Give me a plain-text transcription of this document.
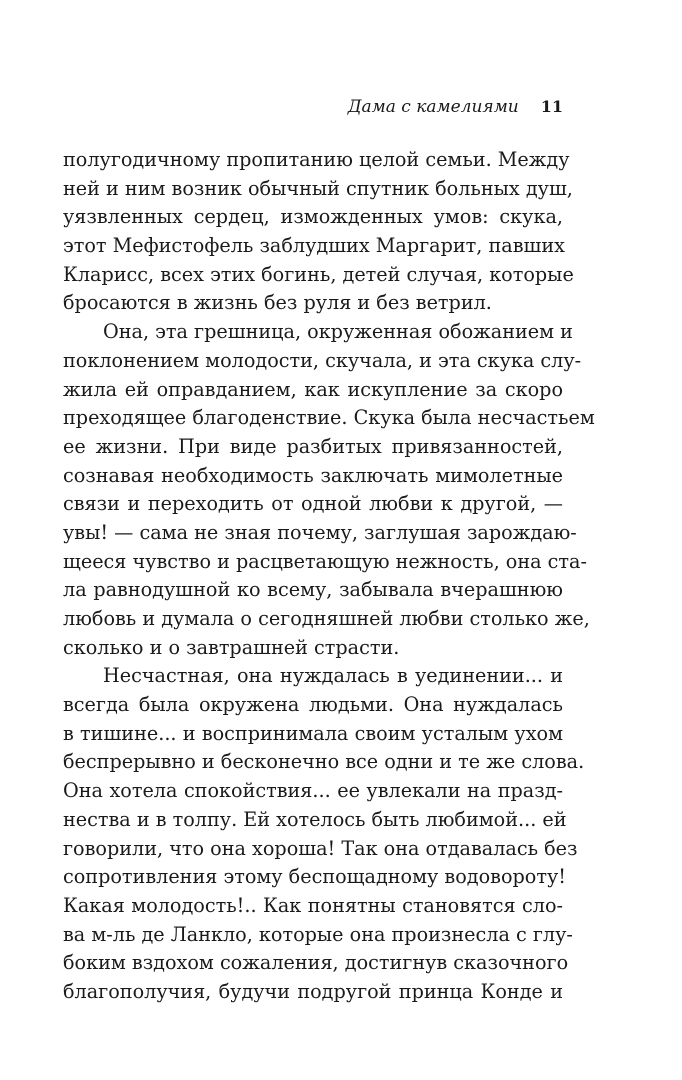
Дама с камелиями 11
полугодичному пропитанию целой семьи. Между
ней и ним возник обычный спутник больных душ,
уязвленных сердец, изможденных умов: скука,
этот Мефистофель заблудших Маргарит, павших
Кларисс, всех этих богинь, детей случая, которые
бросаются в жизнь без руля и без ветрил.
Она, эта грешница, окруженная обожанием и
поклонением молодости, скучала, и эта скука слу-
жила ей оправданием, как искупление за скоро
преходящее благоденствие. Скука была несчастьем
ее жизни. При виде разбитых привязанностей,
сознавая необходимость заключать мимолетные
связи и переходить от одной любви к другой, —
увы! — сама не зная почему, заглушая зарождаю-
щееся чувство и расцветающую нежность, она ста-
ла равнодушной ко всему, забывала вчерашнюю
любовь и думала о сегодняшней любви столько же,
сколько и о завтрашней страсти.
Несчастная, она нуждалась в уединении... и
всегда была окружена людьми. Она нуждалась
в тишине... и воспринимала своим усталым ухом
беспрерывно и бесконечно все одни и те же слова.
Она хотела спокойствия... ее увлекали на празд-
нества и в толпу. Ей хотелось быть любимой... ей
говорили, что она хороша! Так она отдавалась без
сопротивления этому беспощадному водовороту!
Какая молодость!.. Как понятны становятся сло-
ва м-ль де Ланкло, которые она произнесла с глу-
боким вздохом сожаления, достигнув сказочного
благополучия, будучи подругой принца Конде и
